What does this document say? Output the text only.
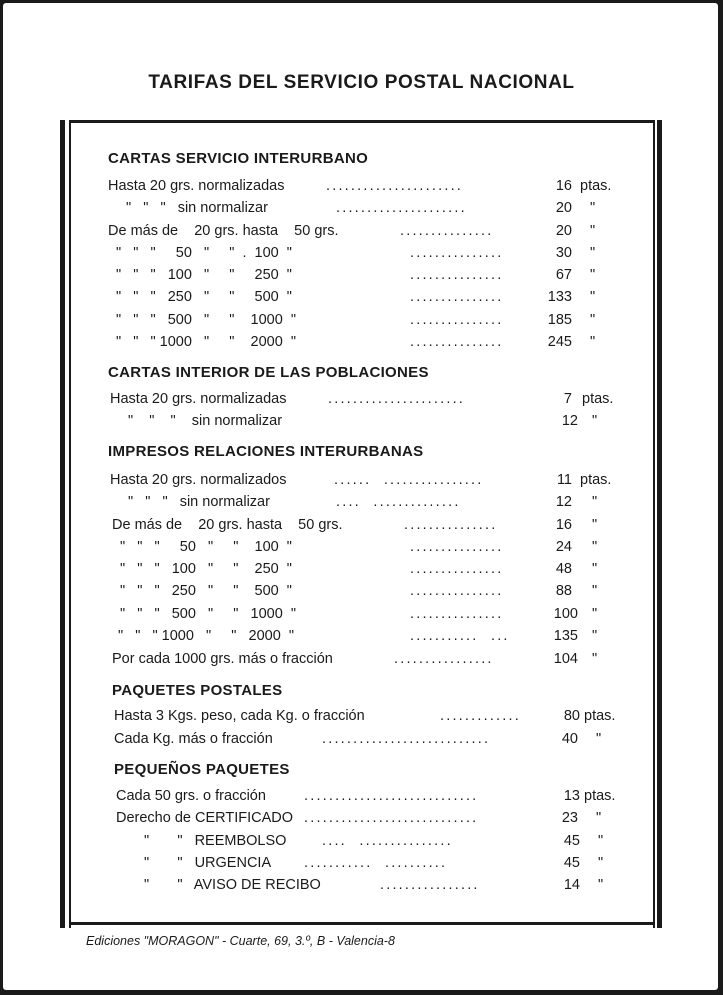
TARIFAS DEL SERVICIO POSTAL NACIONAL
CARTAS SERVICIO INTERURBANO
Hasta 20 grs. normalizadas	......................	16 ptas.
"   "   "   sin normalizar	.....................	20 "
De más de    20 grs. hasta    50 grs.	...............	20 "
"   "   "     50   "     "  .  100  "	...............	30 "
"   "   "   100   "     "     250  "	...............	67 "
"   "   "   250   "     "     500  "	...............	133 "
"   "   "   500   "     "    1000  "	...............	185 "
"   "   " 1000   "     "    2000  "	...............	245 "
CARTAS INTERIOR DE LAS POBLACIONES
Hasta 20 grs. normalizadas	......................	7 ptas.
"    "    "    sin normalizar	12 "
IMPRESOS RELACIONES INTERURBANAS
Hasta 20 grs. normalizados	......  ................	11 ptas.
"   "   "   sin normalizar	....  ..............	12 "
De más de    20 grs. hasta    50 grs.	...............	16 "
"   "   "     50   "     "    100  "	...............	24 "
"   "   "   100   "     "    250  "	...............	48 "
"   "   "   250   "     "    500  "	...............	88 "
"   "   "   500   "     "   1000  "	...............	100 "
"   "   " 1000   "     "   2000  "	...........  ...	135 "
Por cada 1000 grs. más o fracción	................	104 "
PAQUETES POSTALES
Hasta 3 Kgs. peso, cada Kg. o fracción	.............	80 ptas.
Cada Kg. más o fracción	...........................	40 "
PEQUEÑOS PAQUETES
Cada 50 grs. o fracción	............................	13 ptas.
Derecho de CERTIFICADO ............................	23 "
"       "   REEMBOLSO ....  ...............	45 "
"       "   URGENCIA ...........  ..........	45 "
"       "   AVISO DE RECIBO	................	14 "
Ediciones "MORAGON" - Cuarte, 69, 3.º, B - Valencia-8
